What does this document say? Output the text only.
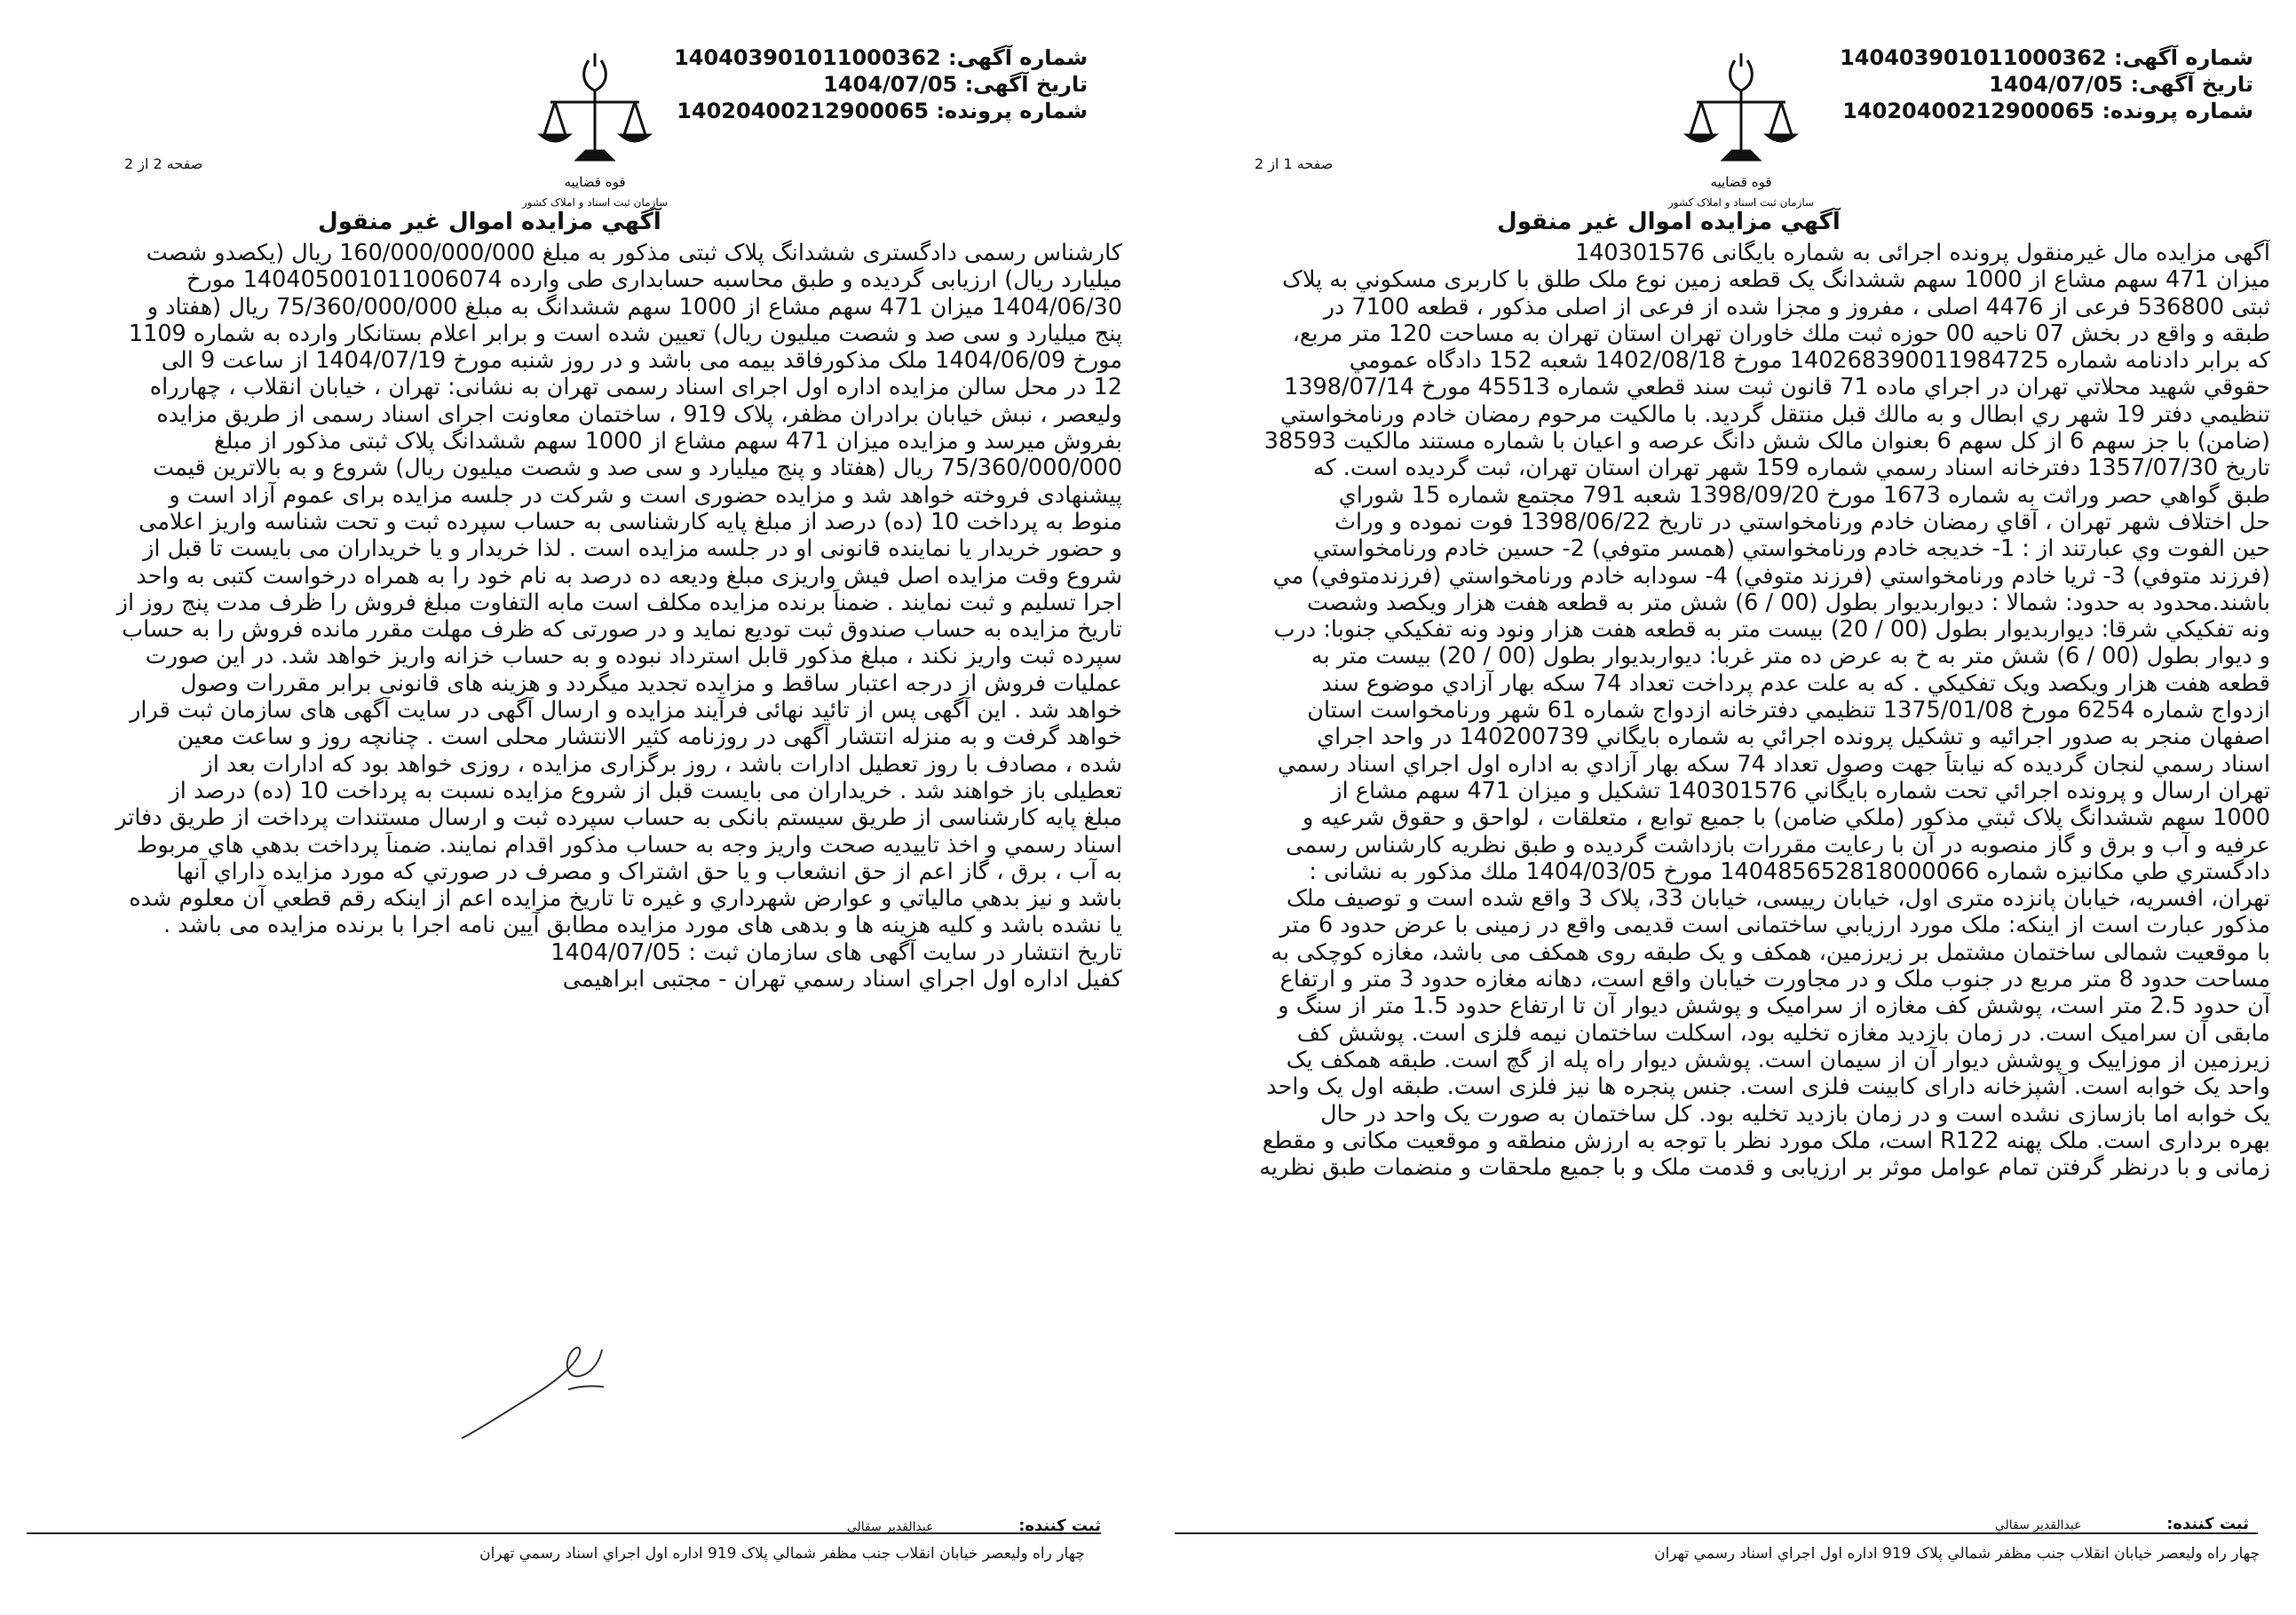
شماره آگهی: 140403901011000362
تاریخ آگهی: 1404/07/05
شماره پرونده: 14020400212900065
قوه قضاییه
سازمان ثبت اسناد و املاک کشور
صفحه 1 از 2
آگهي مزايده اموال غير منقول
آگهی مزایده مال غیرمنقول پرونده اجرائی به شماره بایگانی 140301576
میزان 471 سهم مشاع از 1000 سهم ششدانگ یک قطعه زمین نوع ملک طلق با کاربری مسکوني به پلاک
ثبتی 536800 فرعی از 4476 اصلی ، مفروز و مجزا شده از فرعی از اصلی مذکور ، قطعه 7100 در
طبقه و واقع در بخش 07 ناحیه 00 حوزه ثبت ملك خاوران تهران استان تهران به مساحت 120 متر مربع،
که برابر دادنامه شماره 140268390011984725 مورخ 1402/08/18 شعبه 152 دادگاه عمومي
حقوقي شهيد محلاتي تهران در اجراي ماده 71 قانون ثبت سند قطعي شماره 45513 مورخ 1398/07/14
تنظيمي دفتر 19 شهر ري ابطال و به مالك قبل منتقل گرديد. با مالکیت مرحوم رمضان خادم ورنامخواستي
(ضامن) با جز سهم 6 از کل سهم 6 بعنوان مالک شش دانگ عرصه و اعیان با شماره مستند مالکیت 38593
تاريخ 1357/07/30 دفترخانه اسناد رسمي شماره 159 شهر تهران استان تهران، ثبت گرديده است. که
طبق گواهي حصر وراثت به شماره 1673 مورخ 1398/09/20 شعبه 791 مجتمع شماره 15 شوراي
حل اختلاف شهر تهران ، آقاي رمضان خادم ورنامخواستي در تاريخ 1398/06/22 فوت نموده و وراث
حين الفوت وي عبارتند از : 1- خديجه خادم ورنامخواستي (همسر متوفي) 2- حسين خادم ورنامخواستي
(فرزند متوفي) 3- ثريا خادم ورنامخواستي (فرزند متوفي) 4- سودابه خادم ورنامخواستي (فرزندمتوفي) مي
باشند.محدود به حدود: شمالا : ديواربديوار بطول (00 / 6) شش متر به قطعه هفت هزار ويکصد وشصت
ونه تفكيكي شرقا: ديواربديوار بطول (00 / 20) بيست متر به قطعه هفت هزار ونود ونه تفكيكي جنوبا: درب
و ديوار بطول (00 / 6) شش متر به خ به عرض ده متر غربا: ديواربديوار بطول (00 / 20) بيست متر به
قطعه هفت هزار ويكصد ويک تفکيکي . که به علت عدم پرداخت تعداد 74 سکه بهار آزادي موضوع سند
ازدواج شماره 6254 مورخ 1375/01/08 تنظيمي دفترخانه ازدواج شماره 61 شهر ورنامخواست استان
اصفهان منجر به صدور اجرائيه و تشكيل پرونده اجرائي به شماره بايگاني 140200739 در واحد اجراي
اسناد رسمي لنجان گرديده که نيابتاً جهت وصول تعداد 74 سکه بهار آزادي به اداره اول اجراي اسناد رسمي
تهران ارسال و پرونده اجرائي تحت شماره بايگاني 140301576 تشکيل و ميزان 471 سهم مشاع از
1000 سهم ششدانگ پلاک ثبتي مذکور (ملکي ضامن) با جميع توابع ، متعلقات ، لواحق و حقوق شرعيه و
عرفيه و آب و برق و گاز منصوبه در آن با رعايت مقررات بازداشت گرديده و طبق نظريه کارشناس رسمی
دادگستري طي مكانيزه شماره 140485652818000066 مورخ 1404/03/05 ملك مذكور به نشانی :
تهران، افسريه، خيابان پانزده متری اول، خیابان رییسی، خیابان 33، پلاک 3 واقع شده است و توصیف ملک
مذکور عبارت است از اینکه: ملک مورد ارزيابي ساختمانی است قدیمی واقع در زمینی با عرض حدود 6 متر
با موقعیت شمالی ساختمان مشتمل بر زیرزمین، همکف و یک طبقه روی همکف می باشد، مغازه کوچکی به
مساحت حدود 8 متر مربع در جنوب ملک و در مجاورت خیابان واقع است، دهانه مغازه حدود 3 متر و ارتفاع
آن حدود 2.5 متر است، پوشش کف مغازه از سرامیک و پوشش دیوار آن تا ارتفاع حدود 1.5 متر از سنگ و
مابقی آن سرامیک است. در زمان بازدید مغازه تخلیه بود، اسکلت ساختمان نیمه فلزی است. پوشش کف
زیرزمین از موزاییک و پوشش دیوار آن از سیمان است. پوشش دیوار راه پله از گچ است. طبقه همکف یک
واحد یک خوابه است. آشپزخانه دارای کابینت فلزی است. جنس پنجره ها نیز فلزی است. طبقه اول یک واحد
یک خوابه اما بازسازی نشده است و در زمان بازدید تخلیه بود. کل ساختمان به صورت یک واحد در حال
بهره برداری است. ملک پهنه R122 است، ملک مورد نظر با توجه به ارزش منطقه و موقعیت مکانی و مقطع
زمانی و با درنظر گرفتن تمام عوامل موثر بر ارزیابی و قدمت ملک و با جمیع ملحقات و منضمات طبق نظریه
ثبت کننده: عبدالقدیر سقالي
چهار راه وليعصر خيابان انقلاب جنب مظفر شمالي پلاک 919 اداره اول اجراي اسناد رسمي تهران
شماره آگهی: 140403901011000362
تاریخ آگهی: 1404/07/05
شماره پرونده: 14020400212900065
قوه قضاییه
سازمان ثبت اسناد و املاک کشور
صفحه 2 از 2
آگهي مزايده اموال غير منقول
کارشناس رسمی دادگستری ششدانگ پلاک ثبتی مذکور به مبلغ 160/000/000/000 ریال (یکصدو شصت
میلیارد ریال) ارزیابی گردیده و طبق محاسبه حسابداری طی وارده 140405001011006074 مورخ
1404/06/30 میزان 471 سهم مشاع از 1000 سهم ششدانگ به مبلغ 75/360/000/000 ریال (هفتاد و
پنج میلیارد و سی صد و شصت میلیون ریال) تعیین شده است و برابر اعلام بستانکار وارده به شماره 1109
مورخ 1404/06/09 ملک مذکورفاقد بیمه می باشد و در روز شنبه مورخ 1404/07/19 از ساعت 9 الی
12 در محل سالن مزایده اداره اول اجرای اسناد رسمی تهران به نشانی: تهران ، خیابان انقلاب ، چهارراه
ولیعصر ، نبش خیابان برادران مظفر، پلاک 919 ، ساختمان معاونت اجرای اسناد رسمی از طریق مزایده
بفروش میرسد و مزایده میزان 471 سهم مشاع از 1000 سهم ششدانگ پلاک ثبتی مذکور از مبلغ
75/360/000/000 ریال (هفتاد و پنج میلیارد و سی صد و شصت میلیون ریال) شروع و به بالاترین قیمت
پیشنهادی فروخته خواهد شد و مزایده حضوری است و شرکت در جلسه مزایده برای عموم آزاد است و
منوط به پرداخت 10 (ده) درصد از مبلغ پایه کارشناسی به حساب سپرده ثبت و تحت شناسه واریز اعلامی
و حضور خریدار یا نماینده قانونی او در جلسه مزایده است . لذا خریدار و یا خریداران می بایست تا قبل از
شروع وقت مزایده اصل فیش واریزی مبلغ ودیعه ده درصد به نام خود را به همراه درخواست کتبی به واحد
اجرا تسلیم و ثبت نمایند . ضمناً برنده مزایده مکلف است مابه التفاوت مبلغ فروش را ظرف مدت پنج روز از
تاریخ مزایده به حساب صندوق ثبت تودیع نماید و در صورتی که ظرف مهلت مقرر مانده فروش را به حساب
سپرده ثبت واریز نکند ، مبلغ مذکور قابل استرداد نبوده و به حساب خزانه واریز خواهد شد. در این صورت
عملیات فروش از درجه اعتبار ساقط و مزایده تجدید میگردد و هزینه های قانونی برابر مقررات وصول
خواهد شد . این آگهی پس از تائید نهائی فرآیند مزایده و ارسال آگهی در سایت آگهی های سازمان ثبت قرار
خواهد گرفت و به منزله انتشار آگهی در روزنامه کثیر الانتشار محلی است . چنانچه روز و ساعت معین
شده ، مصادف با روز تعطیل ادارات باشد ، روز برگزاری مزایده ، روزی خواهد بود که ادارات بعد از
تعطیلی باز خواهند شد . خریداران می بایست قبل از شروع مزایده نسبت به پرداخت 10 (ده) درصد از
مبلغ پایه کارشناسی از طریق سیستم بانکی به حساب سپرده ثبت و ارسال مستندات پرداخت از طریق دفاتر
اسناد رسمي و اخذ تاییدیه صحت واریز وجه به حساب مذکور اقدام نمایند. ضمناً پرداخت بدهي هاي مربوط
به آب ، برق ، گاز اعم از حق انشعاب و يا حق اشتراک و مصرف در صورتي که مورد مزايده داراي آنها
باشد و نيز بدهي مالياتي و عوارض شهرداري و غيره تا تاريخ مزايده اعم از اينکه رقم قطعي آن معلوم شده
يا نشده باشد و كليه هزينه ها و بدهی های مورد مزایده مطابق آیین نامه اجرا با برنده مزایده می باشد .
تاریخ انتشار در سایت آگهی های سازمان ثبت : 1404/07/05
کفیل اداره اول اجراي اسناد رسمي تهران - مجتبی ابراهیمی
ثبت کننده: عبدالقدیر سقالي
چهار راه وليعصر خيابان انقلاب جنب مظفر شمالي پلاک 919 اداره اول اجراي اسناد رسمي تهران
